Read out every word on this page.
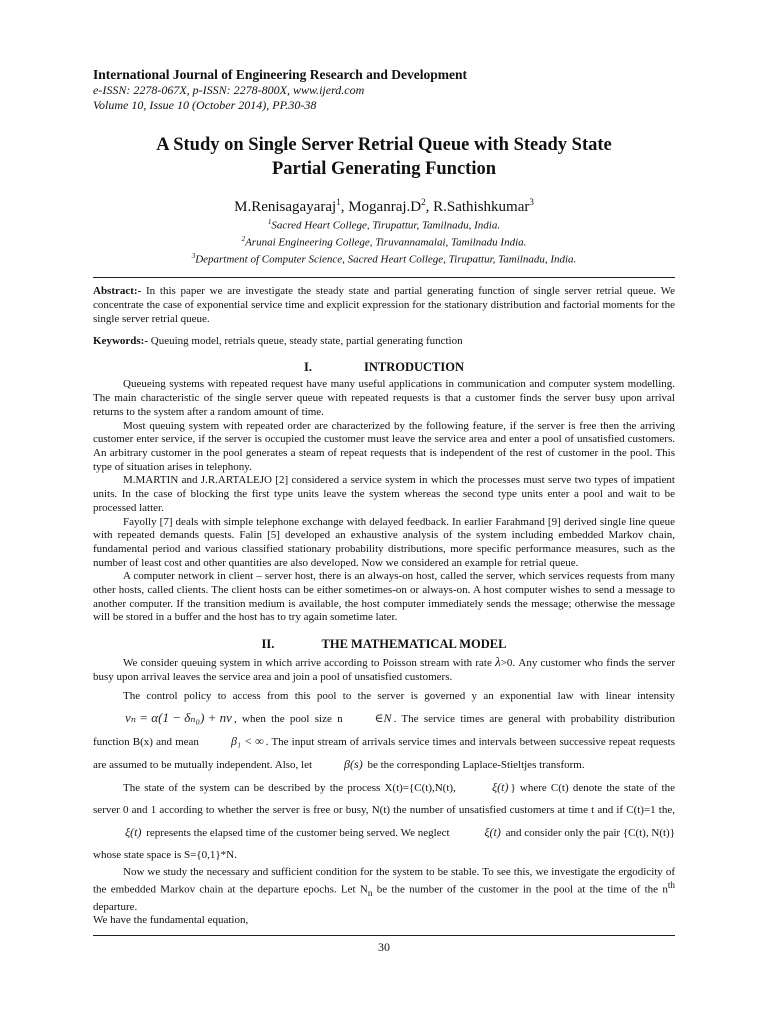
International Journal of Engineering Research and Development
e-ISSN: 2278-067X, p-ISSN: 2278-800X, www.ijerd.com
Volume 10, Issue 10 (October 2014), PP.30-38
A Study on Single Server Retrial Queue with Steady State
Partial Generating Function
M.Renisagayaraj$^1$, $Moganraj.D^2$, R.Sathishkumar$^3$
$^1$Sacred Heart College, Tirupattur, Tamilnadu, India.
$^2$Arunai Engineering College, Tiruvannamalai, Tamilnadu India.
$^3$Department of Computer Science, Sacred Heart College, Tirupattur, Tamilnadu, India.
Abstract:- In this paper we are investigate the steady state and partial generating function of single server retrial queue. We concentrate the case of exponential service time and explicit expression for the stationary distribution and factorial moments for the single server retrial queue.
Keywords:- Queuing model, retrials queue, steady state, partial generating function
I.	INTRODUCTION

Queueing systems with repeated request have many useful applications in communication and computer system modelling. The main characteristic of the single server queue with repeated requests is that a customer finds the server busy upon arrival returns to the system after a random amount of time.

Most queuing system with repeated order are characterized by the following feature, if the server is free then the arriving customer enter service, if the server is occupied the customer must leave the service area and enter a pool of unsatisfied customers. An arbitrary customer in the pool generates a steam of repeat requests that is independent of the rest of customer in the pool. This type of situation arises in telephony.

M.MARTIN and J.R.ARTALEJO [2] considered a service system in which the processes must serve two types of impatient units. In the case of blocking the first type units leave the system whereas the second type units enter a pool and wait to be processed latter.

Fayolly [7] deals with simple telephone exchange with delayed feedback. In earlier Farahmand [9] derived single line queue with repeated demands quests. Falin [5] developed an exhaustive analysis of the system including embedded Markov chain, fundamental period and various classified stationary probability distributions, more specific performance measures, such as the number of least cost and other quantities are also developed. Now we considered an example for retrial queue.

A computer network in client – server host, there is an always-on host, called the server, which services requests from many other hosts, called clients. The client hosts can be either sometimes-on or always-on. A host computer wishes to send a message to another computer. If the transition medium is available, the host computer immediately sends the message; otherwise the message will be stored in a buffer and the host has to try again sometime later.

II.	THE MATHEMATICAL MODEL

We consider queuing system in which arrive according to Poisson stream with rate λ>0. Any customer who finds the server busy upon arrival leaves the service area and join a pool of unsatisfied customers.

The control policy to access from this pool to the server is governed y an exponential law with linear intensityνₙ = α(1 − δₙ₀) + nν , when the pool size n	∈N . The service times are general with probability distribution function B(x) and mean	β₁ < ∞ . The input stream of arrivals service times and intervals between successive repeat requests are assumed to be mutually independent. Also, let	β(s) be the corresponding Laplace-Stieltjes transform.

The state of the system can be described by the process X(t)={C(t),N(t),	ξ(t) } where C(t) denote the state of the server 0 and 1 according to whether the server is free or busy, N(t) the number of unsatisfied customers at time t and if C(t)=1 the, ξ(t) represents the elapsed time of the customer being served. We neglect	ξ(t) and consider only the pair {C(t), N(t)} whose state space is S={0,1}*N.

Now we study the necessary and sufficient condition for the system to be stable. To see this, we investigate the ergodicity of the embedded Markov chain at the departure epochs. Let $N_n$ be the number of the customer in the pool at the time of the $n^{th}$ departure.

We have the fundamental equation,

30
